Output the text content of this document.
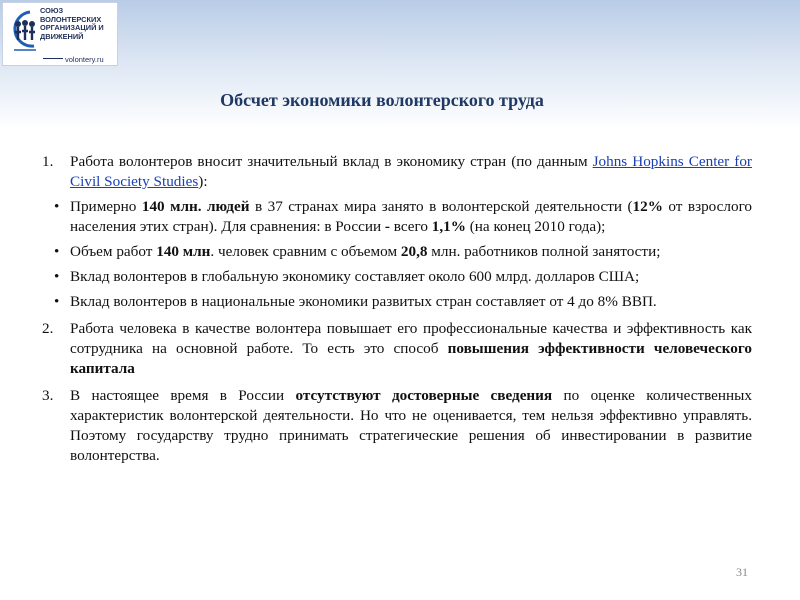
СОЮЗ
ВОЛОНТЕРСКИХ
ОРГАНИЗАЦИЙ И
ДВИЖЕНИЙ
volontery.ru
Обсчет экономики волонтерского труда
1. Работа волонтеров вносит значительный вклад в экономику стран (по данным Johns Hopkins Center for Civil Society Studies):
• Примерно 140 млн. людей в 37 странах мира занято в волонтерской деятельности (12% от взрослого населения этих стран). Для сравнения: в России - всего 1,1% (на конец 2010 года);
• Объем работ 140 млн. человек сравним с объемом 20,8 млн. работников полной занятости;
• Вклад волонтеров в глобальную экономику составляет около 600 млрд. долларов США;
• Вклад волонтеров в национальные экономики развитых стран составляет от 4 до 8% ВВП.
2. Работа человека в качестве волонтера повышает его профессиональные качества и эффективность как сотрудника на основной работе. То есть это способ повышения эффективности человеческого капитала
3. В настоящее время в России отсутствуют достоверные сведения по оценке количественных характеристик волонтерской деятельности. Но что не оценивается, тем нельзя эффективно управлять. Поэтому государству трудно принимать стратегические решения об инвестировании в развитие волонтерства.
31
